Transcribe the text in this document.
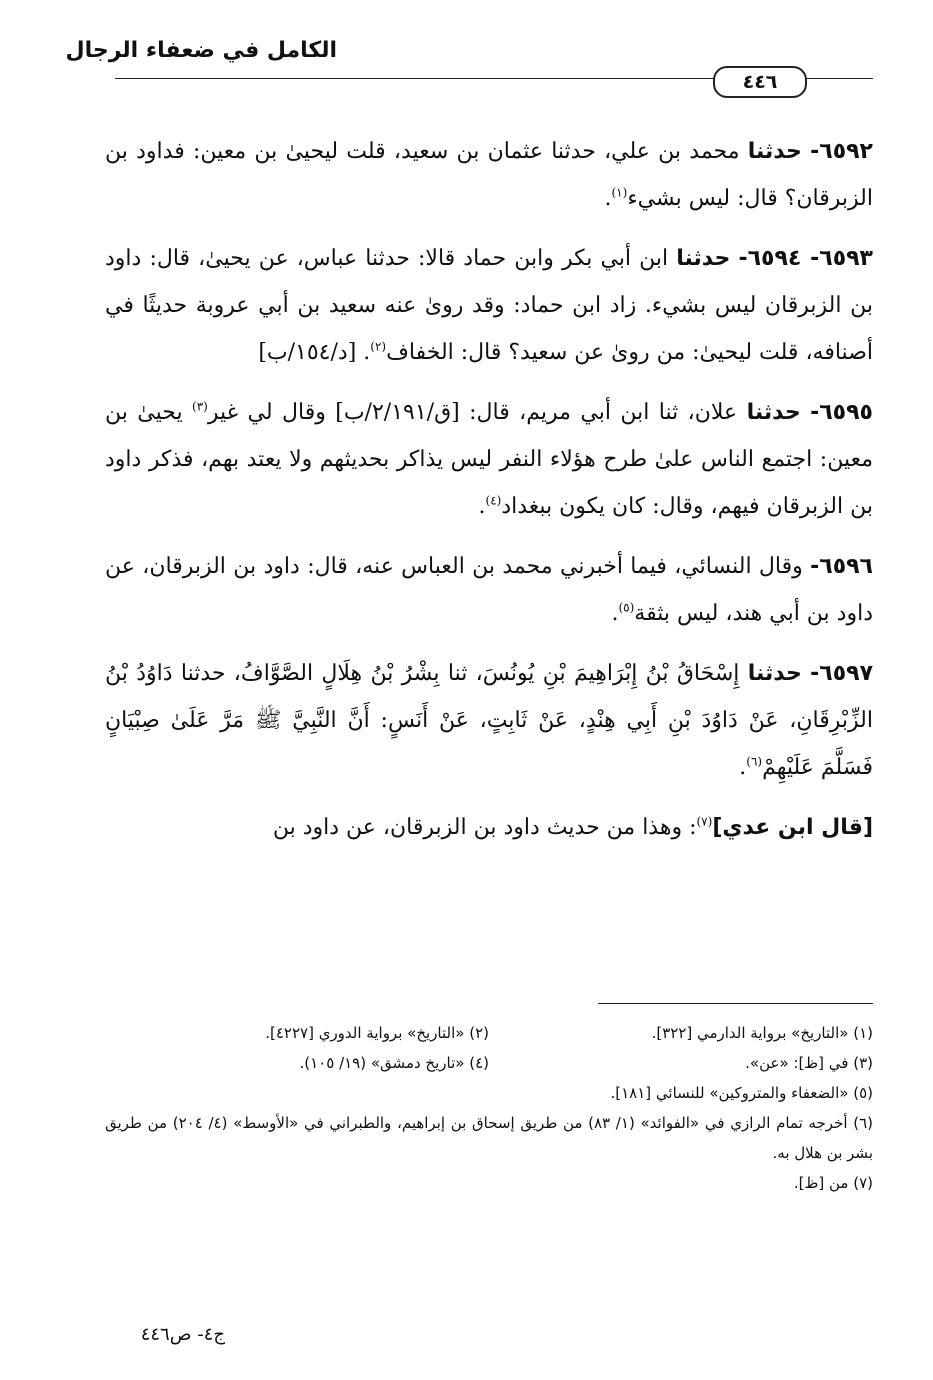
الكامل في ضعفاء الرجال
٤٤٦

٦٥٩٢- حدثنا محمد بن علي، حدثنا عثمان بن سعيد، قلت ليحيىٰ بن معين: فداود بن الزبرقان؟ قال: ليس بشيء$^{(١)}$.

٦٥٩٣- ٦٥٩٤- حدثنا ابن أبي بكر وابن حماد قالا: حدثنا عباس، عن يحيىٰ، قال: داود بن الزبرقان ليس بشيء. زاد ابن حماد: وقد روىٰ عنه سعيد بن أبي عروبة حديثًا في أصنافه، قلت ليحيىٰ: من روىٰ عن سعيد؟ قال: الخفاف$^{(٢)}$. [د/١٥٤/ب]

٦٥٩٥- حدثنا علان، ثنا ابن أبي مريم، قال: [ق/٢/١٩١/ب] وقال لي غير$^{(٣)}$ يحيىٰ بن معين: اجتمع الناس علىٰ طرح هؤلاء النفر ليس يذاكر بحديثهم ولا يعتد بهم، فذكر داود بن الزبرقان فيهم، وقال: كان يكون ببغداد$^{(٤)}$.

٦٥٩٦- وقال النسائي، فيما أخبرني محمد بن العباس عنه، قال: داود بن الزبرقان، عن داود بن أبي هند، ليس بثقة$^{(٥)}$.

٦٥٩٧- حدثنا إِسْحَاقُ بْنُ إِبْرَاهِيمَ بْنِ يُونُسَ، ثنا بِشْرُ بْنُ هِلَالٍ الصَّوَّافُ، حدثنا دَاوُدُ بْنُ الزِّبْرِقَانِ، عَنْ دَاوُدَ بْنِ أَبِي هِنْدٍ، عَنْ ثَابِتٍ، عَنْ أَنَسٍ: أَنَّ النَّبِيَّ ﷺ مَرَّ عَلَىٰ صِبْيَانٍ فَسَلَّمَ عَلَيْهِمْ$^{(٦)}$.

[قال ابن عدي]$^{(٧)}$: وهذا من حديث داود بن الزبرقان، عن داود بن

(١) «التاريخ» برواية الدارمي [٣٢٢].
(٢) «التاريخ» برواية الدوري [٤٢٢٧].
(٣) في [ظ]: «عن».
(٤) «تاريخ دمشق» (١٩/ ١٠٥).
(٥) «الضعفاء والمتروكين» للنسائي [١٨١].
(٦) أخرجه تمام الرازي في «الفوائد» (١/ ٨٣) من طريق إسحاق بن إبراهيم، والطبراني في «الأوسط» (٤/ ٢٠٤) من طريق بشر بن هلال به.
(٧) من [ظ].
ج٤- ص٤٤٦
